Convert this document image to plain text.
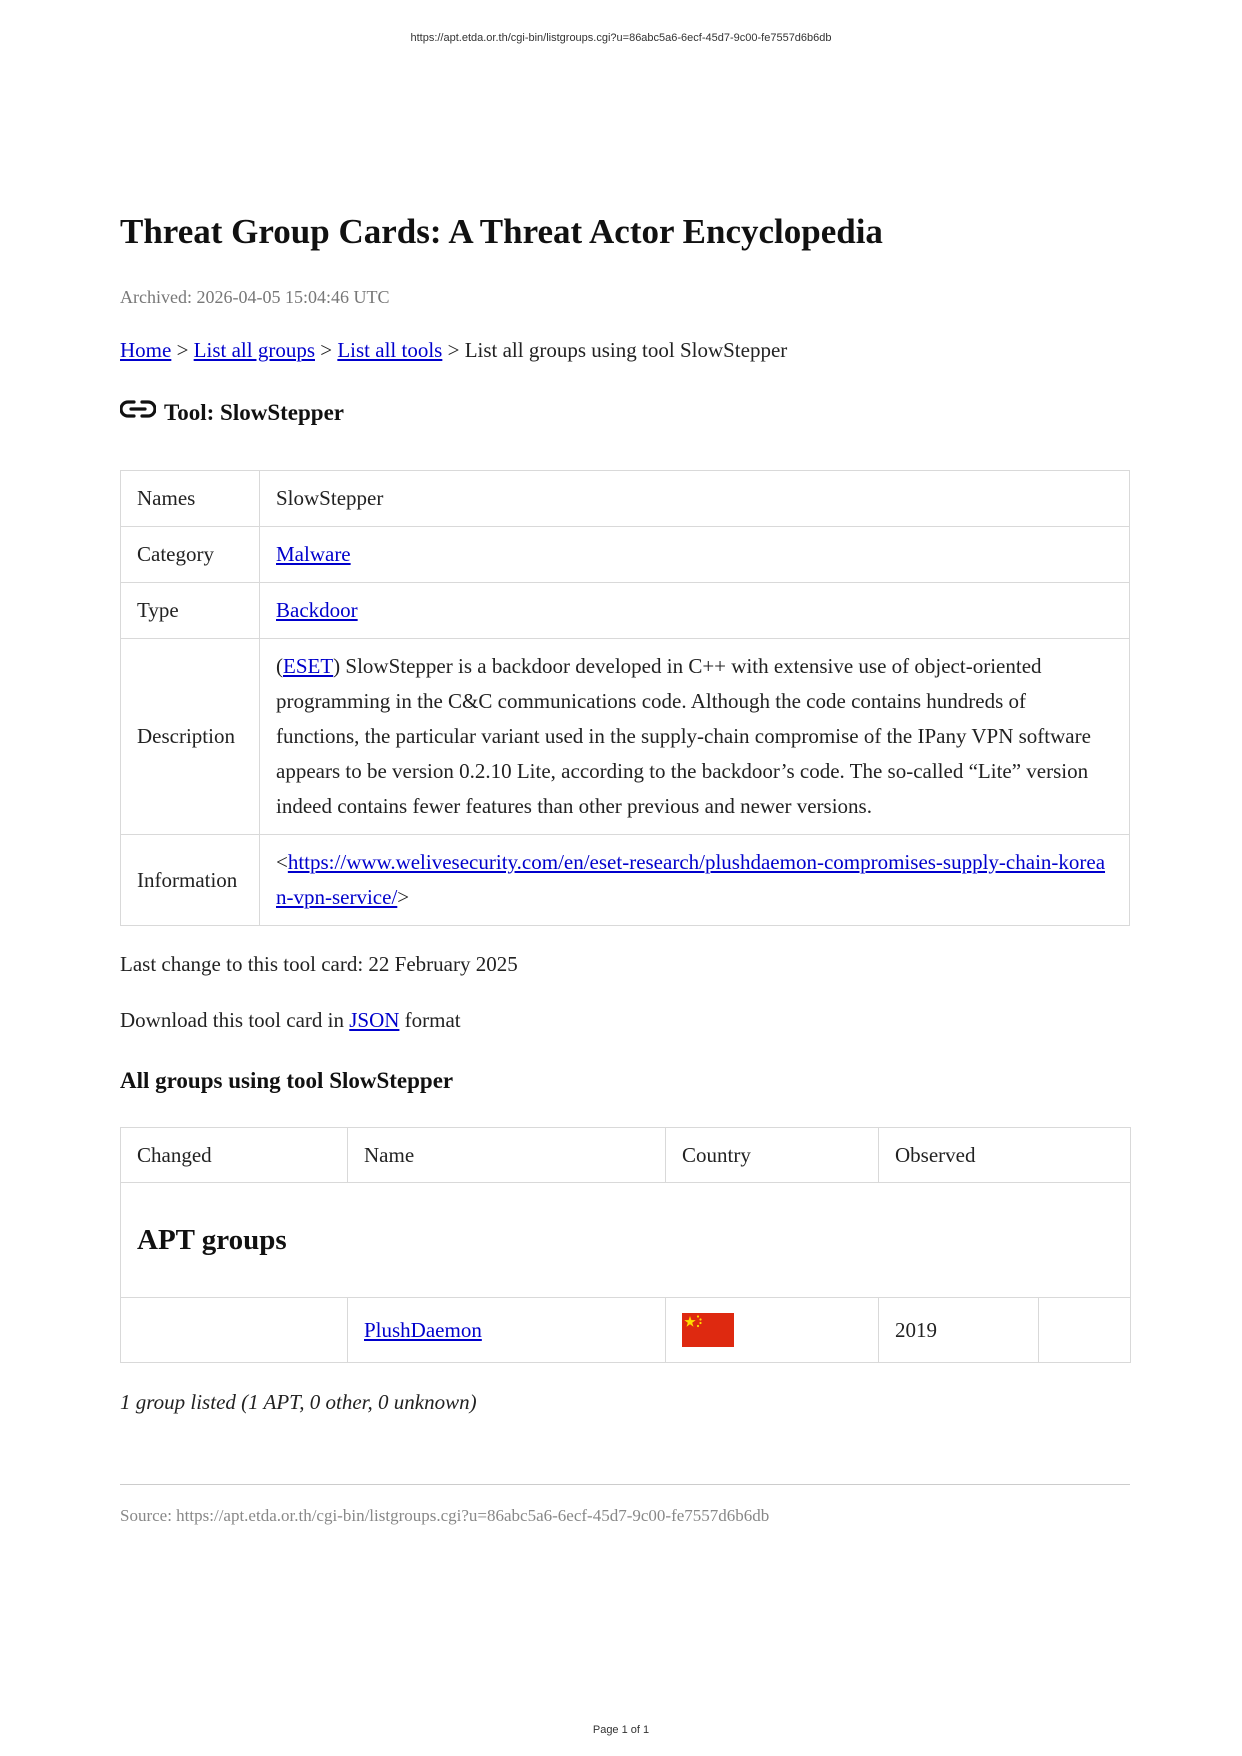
https://apt.etda.or.th/cgi-bin/listgroups.cgi?u=86abc5a6-6ecf-45d7-9c00-fe7557d6b6db
Threat Group Cards: A Threat Actor Encyclopedia
Archived: 2026-04-05 15:04:46 UTC
Home > List all groups > List all tools > List all groups using tool SlowStepper
Tool: SlowStepper
Names	SlowStepper
Category	Malware
Type	Backdoor
Description	(ESET) SlowStepper is a backdoor developed in C++ with extensive use of object-oriented programming in the C&C communications code. Although the code contains hundreds of functions, the particular variant used in the supply-chain compromise of the IPany VPN software appears to be version 0.2.10 Lite, according to the backdoor’s code. The so-called “Lite” version indeed contains fewer features than other previous and newer versions.
Information	<https://www.welivesecurity.com/en/eset-research/plushdaemon-compromises-supply-chain-korean-vpn-service/>
Last change to this tool card: 22 February 2025
Download this tool card in JSON format
All groups using tool SlowStepper
Changed	Name	Country	Observed	
APT groups				
	PlushDaemon		2019	
1 group listed (1 APT, 0 other, 0 unknown)
Source: https://apt.etda.or.th/cgi-bin/listgroups.cgi?u=86abc5a6-6ecf-45d7-9c00-fe7557d6b6db
Page 1 of 1
